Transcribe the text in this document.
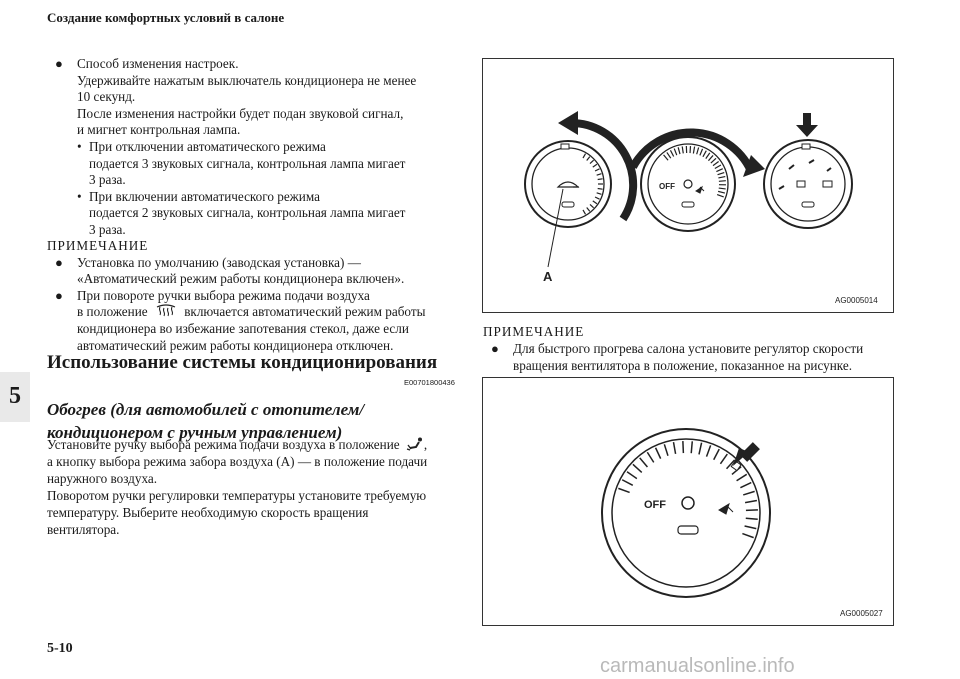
Создание комфортных условий в салоне
5
● Способ изменения настроек.
Удерживайте нажатым выключатель кондиционера не менее
10 секунд.
После изменения настройки будет подан звуковой сигнал,
и мигнет контрольная лампа.
• При отключении автоматического режима
подается 3 звуковых сигнала, контрольная лампа мигает
3 раза.
• При включении автоматического режима
подается 2 звуковых сигнала, контрольная лампа мигает
3 раза.
ПРИМЕЧАНИЕ
● Установка по умолчанию (заводская установка) —
«Автоматический режим работы кондиционера включен».
● При повороте ручки выбора режима подачи воздуха
в положение	включается автоматический режим работы
кондиционера во избежание запотевания стекол, даже если
автоматический режим работы кондиционера отключен.
Использование системы кондиционирования
E00701800436
Обогрев (для автомобилей с отопителем/
кондиционером с ручным управлением)
Установите ручку выбора режима подачи воздуха в положение ,
а кнопку выбора режима забора воздуха (A) — в положение подачи
наружного воздуха.
Поворотом ручки регулировки температуры установите требуемую
температуру. Выберите необходимую скорость вращения
вентилятора.
A
OFF
AG0005014
ПРИМЕЧАНИЕ
● Для быстрого прогрева салона установите регулятор скорости
вращения вентилятора в положение, показанное на рисунке.
OFF
AG0005027
5-10
carmanualsonline.info
